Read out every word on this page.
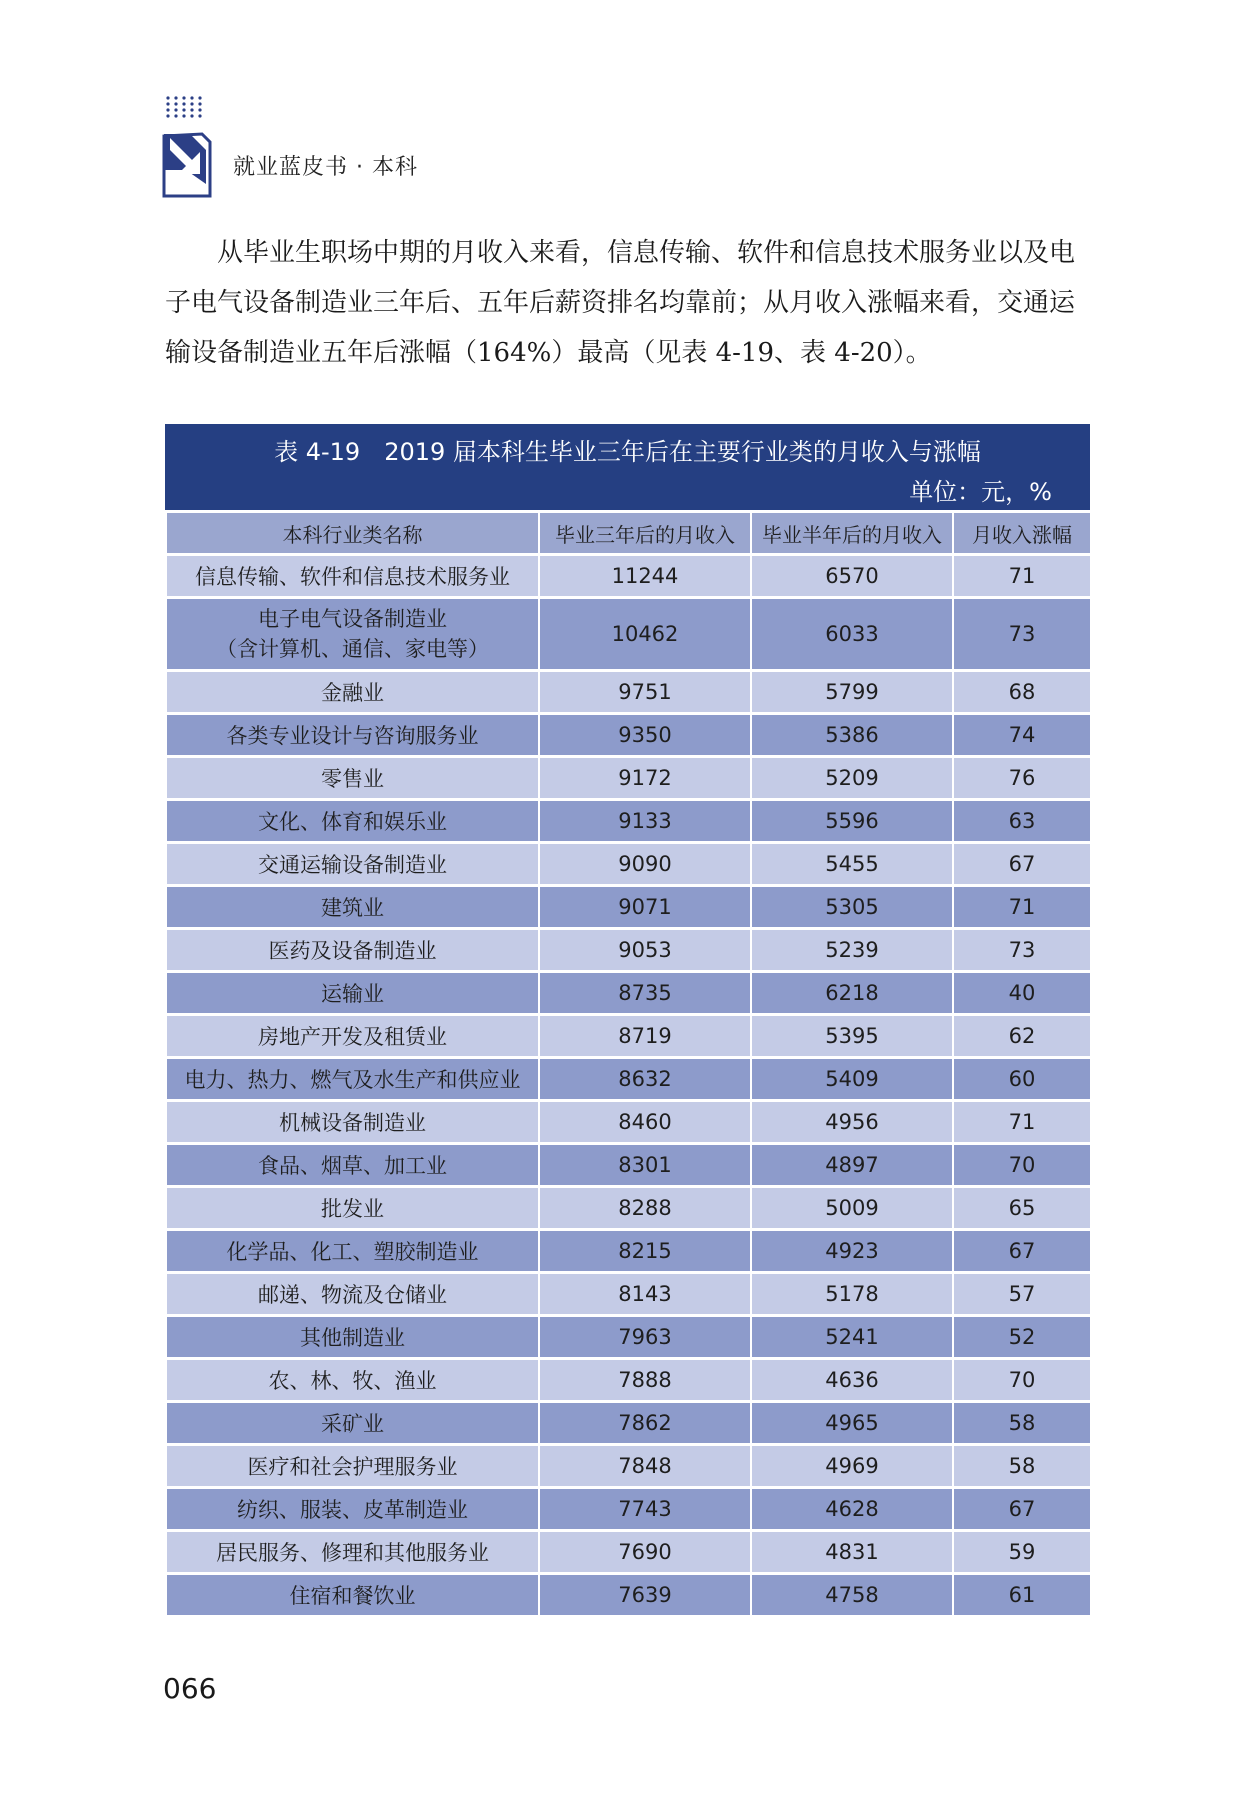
就业蓝皮书 · 本科

从毕业生职场中期的月收入来看，信息传输、软件和信息技术服务业以及电子电气设备制造业三年后、五年后薪资排名均靠前；从月收入涨幅来看，交通运输设备制造业五年后涨幅（164%）最高（见表 4-19、表 4-20）。

表 4-19　2019 届本科生毕业三年后在主要行业类的月收入与涨幅
单位：元，%
本科行业类名称	毕业三年后的月收入	毕业半年后的月收入	月收入涨幅
信息传输、软件和信息技术服务业	11244	6570	71
电子电气设备制造业
（含计算机、通信、家电等）	10462	6033	73
金融业	9751	5799	68
各类专业设计与咨询服务业	9350	5386	74
零售业	9172	5209	76
文化、体育和娱乐业	9133	5596	63
交通运输设备制造业	9090	5455	67
建筑业	9071	5305	71
医药及设备制造业	9053	5239	73
运输业	8735	6218	40
房地产开发及租赁业	8719	5395	62
电力、热力、燃气及水生产和供应业	8632	5409	60
机械设备制造业	8460	4956	71
食品、烟草、加工业	8301	4897	70
批发业	8288	5009	65
化学品、化工、塑胶制造业	8215	4923	67
邮递、物流及仓储业	8143	5178	57
其他制造业	7963	5241	52
农、林、牧、渔业	7888	4636	70
采矿业	7862	4965	58
医疗和社会护理服务业	7848	4969	58
纺织、服装、皮革制造业	7743	4628	67
居民服务、修理和其他服务业	7690	4831	59
住宿和餐饮业	7639	4758	61
066
